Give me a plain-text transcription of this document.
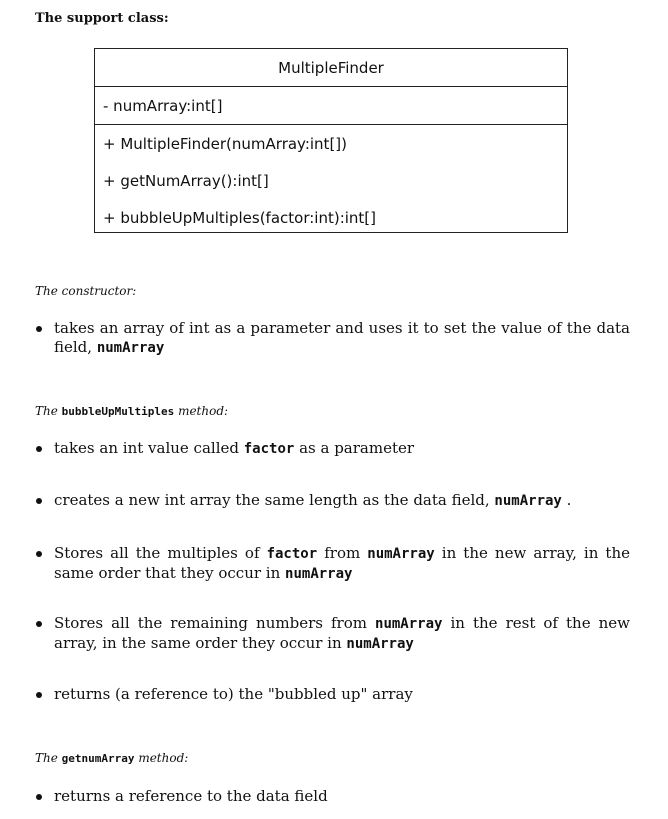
The support class:
MultipleFinder
- numArray:int[]
+ MultipleFinder(numArray:int[])
+ getNumArray():int[]
+ bubbleUpMultiples(factor:int):int[]
The constructor:
takes an array of int as a parameter and uses it to set the value of the data field, numArray
The bubbleUpMultiples method:
takes an int value called factor as a parameter
creates a new int array the same length as the data field, numArray .
Stores all the multiples of factor from numArray in the new array, in the same order that they occur in numArray
Stores all the remaining numbers from numArray in the rest of the new array, in the same order they occur in numArray
returns (a reference to) the "bubbled up" array
The getnumArray method:
returns a reference to the data field
